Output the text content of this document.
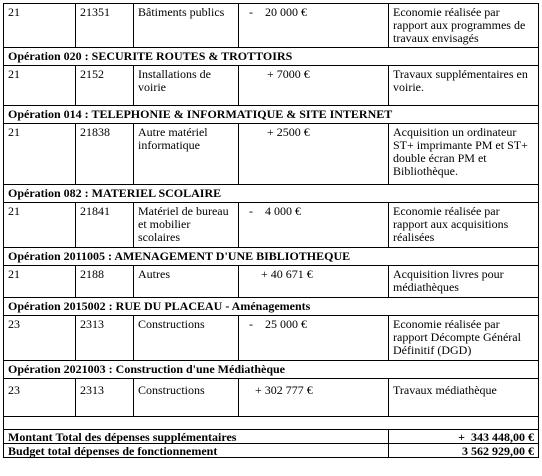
21	21351	Bâtiments publics	-    20 000 €	Economie réalisée par rapport aux programmes de travaux envisagés
Opération 020 : SECURITE ROUTES & TROTTOIRS				
21	2152	Installations de voirie	+ 7000 €	Travaux supplémentaires en voirie.
Opération 014 : TELEPHONIE & INFORMATIQUE & SITE INTERNET				
21	21838	Autre matériel informatique	+ 2500 €	Acquisition un ordinateur ST+ imprimante PM et ST+ double écran PM et Bibliothèque.
Opération 082 : MATERIEL SCOLAIRE				
21	21841	Matériel de bureau et mobilier scolaires	-    4 000 €	Economie réalisée par rapport aux acquisitions réalisées
Opération 2011005 : AMENAGEMENT D'UNE BIBLIOTHEQUE				
21	2188	Autres	+ 40 671 €	Acquisition livres pour médiathèques
Opération 2015002 : RUE DU PLACEAU - Aménagements				
23	2313	Constructions	-    25 000 €	Economie réalisée par rapport Décompte Général Définitif (DGD)
Opération 2021003 : Construction d'une Médiathèque				
23	2313	Constructions	+ 302 777 €	Travaux médiathèque

Montant Total des dépenses supplémentaires				+  343 448,00 €
Budget total dépenses de fonctionnement				3 562 929,00 €
